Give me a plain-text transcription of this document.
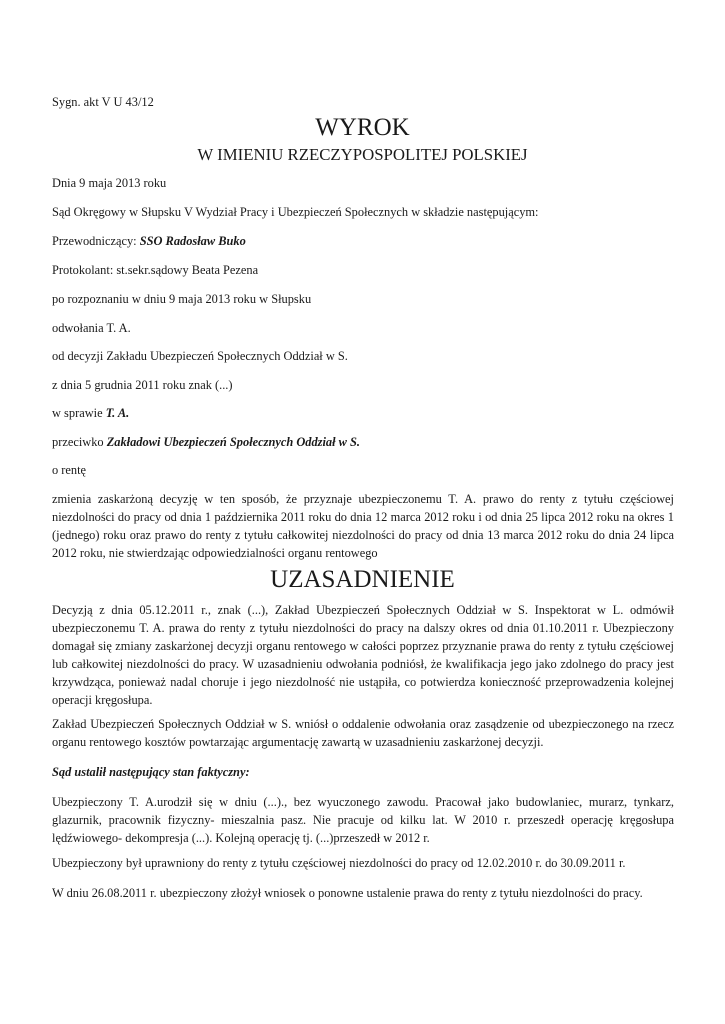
Sygn. akt V U 43/12

WYROK
W IMIENIU RZECZYPOSPOLITEJ POLSKIEJ

Dnia 9 maja 2013 roku

Sąd Okręgowy w Słupsku V Wydział Pracy i Ubezpieczeń Społecznych w składzie następującym:

Przewodniczący: SSO Radosław Buko

Protokolant: st.sekr.sądowy Beata Pezena

po rozpoznaniu w dniu 9 maja 2013 roku w Słupsku

odwołania T. A.

od decyzji Zakładu Ubezpieczeń Społecznych Oddział w S.

z dnia 5 grudnia 2011 roku znak (...)

w sprawie T. A.

przeciwko Zakładowi Ubezpieczeń Społecznych Oddział w S.

o rentę

zmienia zaskarżoną decyzję w ten sposób, że przyznaje ubezpieczonemu T. A. prawo do renty z tytułu częściowej niezdolności do pracy od dnia 1 października 2011 roku do dnia 12 marca 2012 roku i od dnia 25 lipca 2012 roku na okres 1 (jednego) roku oraz prawo do renty z tytułu całkowitej niezdolności do pracy od dnia 13 marca 2012 roku do dnia 24 lipca 2012 roku, nie stwierdzając odpowiedzialności organu rentowego

UZASADNIENIE

Decyzją z dnia 05.12.2011 r., znak (...), Zakład Ubezpieczeń Społecznych Oddział w S. Inspektorat w L. odmówił ubezpieczonemu T. A. prawa do renty z tytułu niezdolności do pracy na dalszy okres od dnia 01.10.2011 r. Ubezpieczony domagał się zmiany zaskarżonej decyzji organu rentowego w całości poprzez przyznanie prawa do renty z tytułu częściowej lub całkowitej niezdolności do pracy. W uzasadnieniu odwołania podniósł, że kwalifikacja jego jako zdolnego do pracy jest krzywdząca, ponieważ nadal choruje i jego niezdolność nie ustąpiła, co potwierdza konieczność przeprowadzenia kolejnej operacji kręgosłupa.

Zakład Ubezpieczeń Społecznych Oddział w S. wniósł o oddalenie odwołania oraz zasądzenie od ubezpieczonego na rzecz organu rentowego kosztów powtarzając argumentację zawartą w uzasadnieniu zaskarżonej decyzji.

Sąd ustalił następujący stan faktyczny:

Ubezpieczony T. A.urodził się w dniu (...)., bez wyuczonego zawodu. Pracował jako budowlaniec, murarz, tynkarz, glazurnik, pracownik fizyczny- mieszalnia pasz. Nie pracuje od kilku lat. W 2010 r. przeszedł operację kręgosłupa lędźwiowego- dekompresja (...). Kolejną operację tj. (...)przeszedł w 2012 r.

Ubezpieczony był uprawniony do renty z tytułu częściowej niezdolności do pracy od 12.02.2010 r. do 30.09.2011 r.

W dniu 26.08.2011 r. ubezpieczony złożył wniosek o ponowne ustalenie prawa do renty z tytułu niezdolności do pracy.
